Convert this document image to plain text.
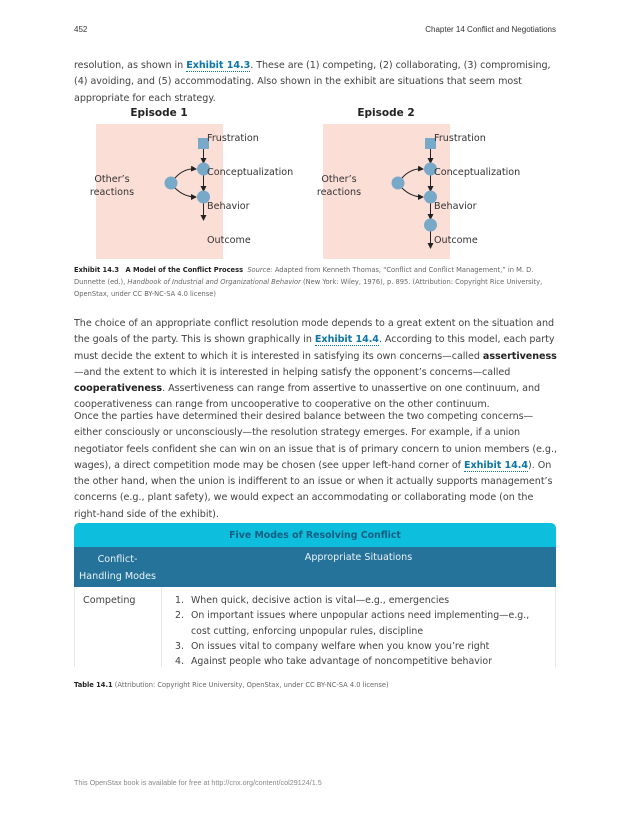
452	Chapter 14 Conflict and Negotiations

resolution, as shown in Exhibit 14.3. These are (1) competing, (2) collaborating, (3) compromising, (4) avoiding, and (5) accommodating. Also shown in the exhibit are situations that seem most appropriate for each strategy.

Episode 1
Other’s reactions
Frustration
Conceptualization
Behavior
Outcome
Episode 2
Other’s reactions
Frustration
Conceptualization
Behavior
Outcome

Exhibit 14.3 A Model of the Conflict Process Source: Adapted from Kenneth Thomas, “Conflict and Conflict Management,” in M. D. Dunnette (ed.), Handbook of Industrial and Organizational Behavior (New York: Wiley, 1976), p. 895. (Attribution: Copyright Rice University, OpenStax, under CC BY-NC-SA 4.0 license)

The choice of an appropriate conflict resolution mode depends to a great extent on the situation and the goals of the party. This is shown graphically in Exhibit 14.4. According to this model, each party must decide the extent to which it is interested in satisfying its own concerns—called assertiveness—and the extent to which it is interested in helping satisfy the opponent’s concerns—called cooperativeness. Assertiveness can range from assertive to unassertive on one continuum, and cooperativeness can range from uncooperative to cooperative on the other continuum.

Once the parties have determined their desired balance between the two competing concerns—either consciously or unconsciously—the resolution strategy emerges. For example, if a union negotiator feels confident she can win on an issue that is of primary concern to union members (e.g., wages), a direct competition mode may be chosen (see upper left-hand corner of Exhibit 14.4). On the other hand, when the union is indifferent to an issue or when it actually supports management’s concerns (e.g., plant safety), we would expect an accommodating or collaborating mode (on the right-hand side of the exhibit).

Five Modes of Resolving Conflict
Conflict-
Handling Modes
Appropriate Situations
Competing	1. When quick, decisive action is vital—e.g., emergencies
2. On important issues where unpopular actions need implementing—e.g., cost cutting, enforcing unpopular rules, discipline
3. On issues vital to company welfare when you know you’re right
4. Against people who take advantage of noncompetitive behavior

Table 14.1 (Attribution: Copyright Rice University, OpenStax, under CC BY-NC-SA 4.0 license)

This OpenStax book is available for free at http://cnx.org/content/col29124/1.5
